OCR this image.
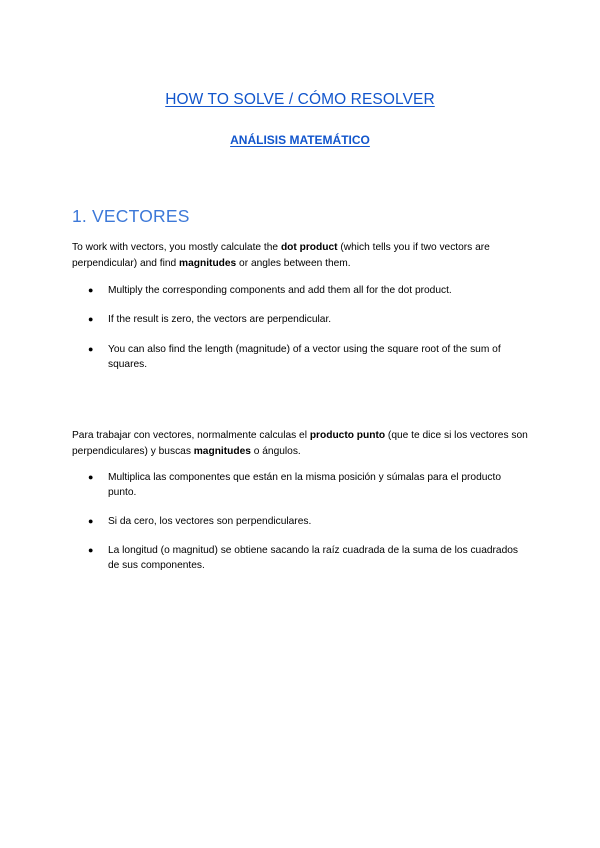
HOW TO SOLVE / CÓMO RESOLVER
ANÁLISIS MATEMÁTICO
1. VECTORES
To work with vectors, you mostly calculate the dot product (which tells you if two vectors are perpendicular) and find magnitudes or angles between them.
● Multiply the corresponding components and add them all for the dot product.
● If the result is zero, the vectors are perpendicular.
● You can also find the length (magnitude) of a vector using the square root of the sum of squares.
Para trabajar con vectores, normalmente calculas el producto punto (que te dice si los vectores son perpendiculares) y buscas magnitudes o ángulos.
● Multiplica las componentes que están en la misma posición y súmalas para el producto punto.
● Si da cero, los vectores son perpendiculares.
● La longitud (o magnitud) se obtiene sacando la raíz cuadrada de la suma de los cuadrados de sus componentes.
